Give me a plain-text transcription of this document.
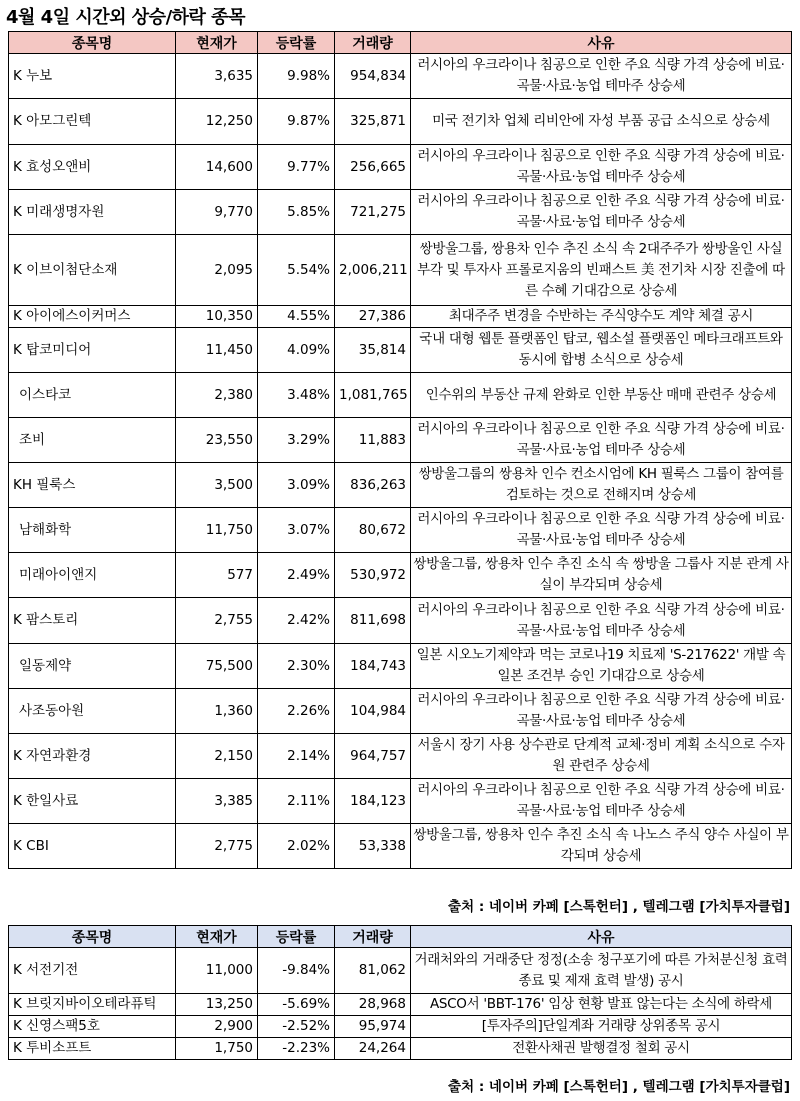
4월 4일 시간외 상승/하락 종목
종목명	현재가	등락률	거래량	사유
K 누보	3,635	9.98%	954,834	러시아의 우크라이나 침공으로 인한 주요 식량 가격 상승에 비료·곡물·사료·농업 테마주 상승세
K 아모그린텍	12,250	9.87%	325,871	미국 전기차 업체 리비안에 자성 부품 공급 소식으로 상승세
K 효성오앤비	14,600	9.77%	256,665	러시아의 우크라이나 침공으로 인한 주요 식량 가격 상승에 비료·곡물·사료·농업 테마주 상승세
K 미래생명자원	9,770	5.85%	721,275	러시아의 우크라이나 침공으로 인한 주요 식량 가격 상승에 비료·곡물·사료·농업 테마주 상승세
K 이브이첨단소재	2,095	5.54%	2,006,211	쌍방울그룹, 쌍용차 인수 추진 소식 속 2대주주가 쌍방울인 사실 부각 및 투자사 프롤로지움의 빈패스트 美 전기차 시장 진출에 따른 수혜 기대감으로 상승세
K 아이에스이커머스	10,350	4.55%	27,386	최대주주 변경을 수반하는 주식양수도 계약 체결 공시
K 탑코미디어	11,450	4.09%	35,814	국내 대형 웹툰 플랫폼인 탑코, 웹소설 플랫폼인 메타크래프트와 동시에 합병 소식으로 상승세
이스타코	2,380	3.48%	1,081,765	인수위의 부동산 규제 완화로 인한 부동산 매매 관련주 상승세
조비	23,550	3.29%	11,883	러시아의 우크라이나 침공으로 인한 주요 식량 가격 상승에 비료·곡물·사료·농업 테마주 상승세
KH 필룩스	3,500	3.09%	836,263	쌍방울그룹의 쌍용차 인수 컨소시엄에 KH 필룩스 그룹이 참여를 검토하는 것으로 전해지며 상승세
남해화학	11,750	3.07%	80,672	러시아의 우크라이나 침공으로 인한 주요 식량 가격 상승에 비료·곡물·사료·농업 테마주 상승세
미래아이앤지	577	2.49%	530,972	쌍방울그룹, 쌍용차 인수 추진 소식 속 쌍방울 그룹사 지분 관계 사실이 부각되며 상승세
K 팜스토리	2,755	2.42%	811,698	러시아의 우크라이나 침공으로 인한 주요 식량 가격 상승에 비료·곡물·사료·농업 테마주 상승세
일동제약	75,500	2.30%	184,743	일본 시오노기제약과 먹는 코로나19 치료제 'S-217622' 개발 속 일본 조건부 승인 기대감으로 상승세
사조동아원	1,360	2.26%	104,984	러시아의 우크라이나 침공으로 인한 주요 식량 가격 상승에 비료·곡물·사료·농업 테마주 상승세
K 자연과환경	2,150	2.14%	964,757	서울시 장기 사용 상수관로 단계적 교체·정비 계획 소식으로 수자원 관련주 상승세
K 한일사료	3,385	2.11%	184,123	러시아의 우크라이나 침공으로 인한 주요 식량 가격 상승에 비료·곡물·사료·농업 테마주 상승세
K CBI	2,775	2.02%	53,338	쌍방울그룹, 쌍용차 인수 추진 소식 속 나노스 주식 양수 사실이 부각되며 상승세
출처 : 네이버 카페 [스톡헌터] , 텔레그램 [가치투자클럽]
종목명	현재가	등락률	거래량	사유
K 서전기전	11,000	-9.84%	81,062	거래처와의 거래중단 정정(소송 청구포기에 따른 가처분신청 효력 종료 및 제재 효력 발생) 공시
K 브릿지바이오테라퓨틱	13,250	-5.69%	28,968	ASCO서 'BBT-176' 임상 현황 발표 않는다는 소식에 하락세
K 신영스팩5호	2,900	-2.52%	95,974	[투자주의]단일계좌 거래량 상위종목 공시
K 투비소프트	1,750	-2.23%	24,264	전환사채권 발행결정 철회 공시
출처 : 네이버 카페 [스톡헌터] , 텔레그램 [가치투자클럽]
